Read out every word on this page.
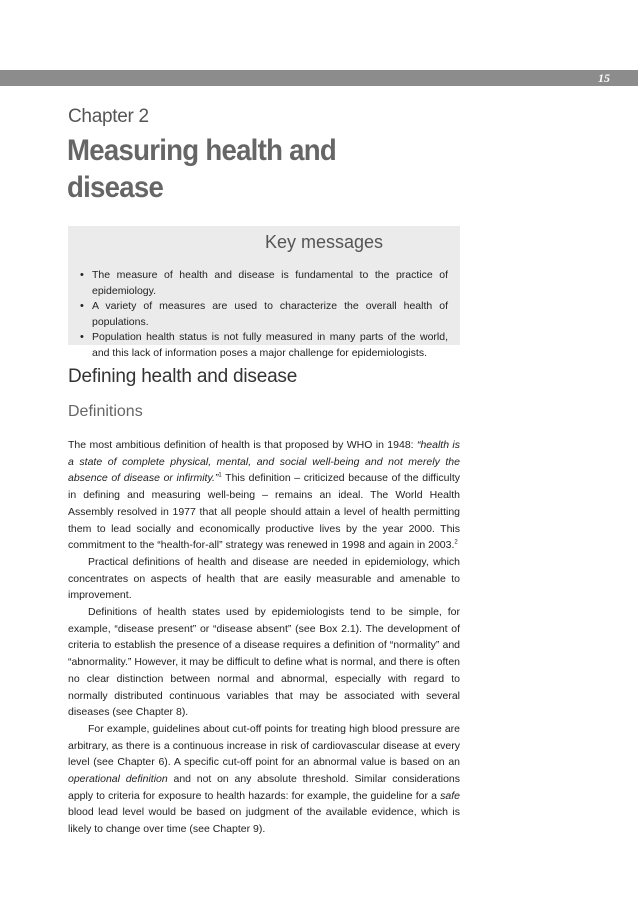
15
Chapter 2
Measuring health and disease
Key messages
• The measure of health and disease is fundamental to the practice of epidemiology.
• A variety of measures are used to characterize the overall health of populations.
• Population health status is not fully measured in many parts of the world, and this lack of information poses a major challenge for epidemiologists.
Defining health and disease
Definitions

The most ambitious definition of health is that proposed by WHO in 1948: “health is a state of complete physical, mental, and social well-being and not merely the absence of disease or infirmity.”$^1$ This definition – criticized because of the difficulty in defining and measuring well-being – remains an ideal. The World Health Assembly resolved in 1977 that all people should attain a level of health permitting them to lead socially and economically productive lives by the year 2000. This commitment to the “health-for-all” strategy was renewed in 1998 and again in 2003.$^2$

Practical definitions of health and disease are needed in epidemiology, which concentrates on aspects of health that are easily measurable and amenable to improvement.

Definitions of health states used by epidemiologists tend to be simple, for example, “disease present” or “disease absent” (see Box 2.1). The development of criteria to establish the presence of a disease requires a definition of “normality” and “abnormality.” However, it may be difficult to define what is normal, and there is often no clear distinction between normal and abnormal, especially with regard to normally distributed continuous variables that may be associated with several diseases (see Chapter 8).

For example, guidelines about cut-off points for treating high blood pressure are arbitrary, as there is a continuous increase in risk of cardiovascular disease at every level (see Chapter 6). A specific cut-off point for an abnormal value is based on an operational definition and not on any absolute threshold. Similar considerations apply to criteria for exposure to health hazards: for example, the guideline for a safe blood lead level would be based on judgment of the available evidence, which is likely to change over time (see Chapter 9).
